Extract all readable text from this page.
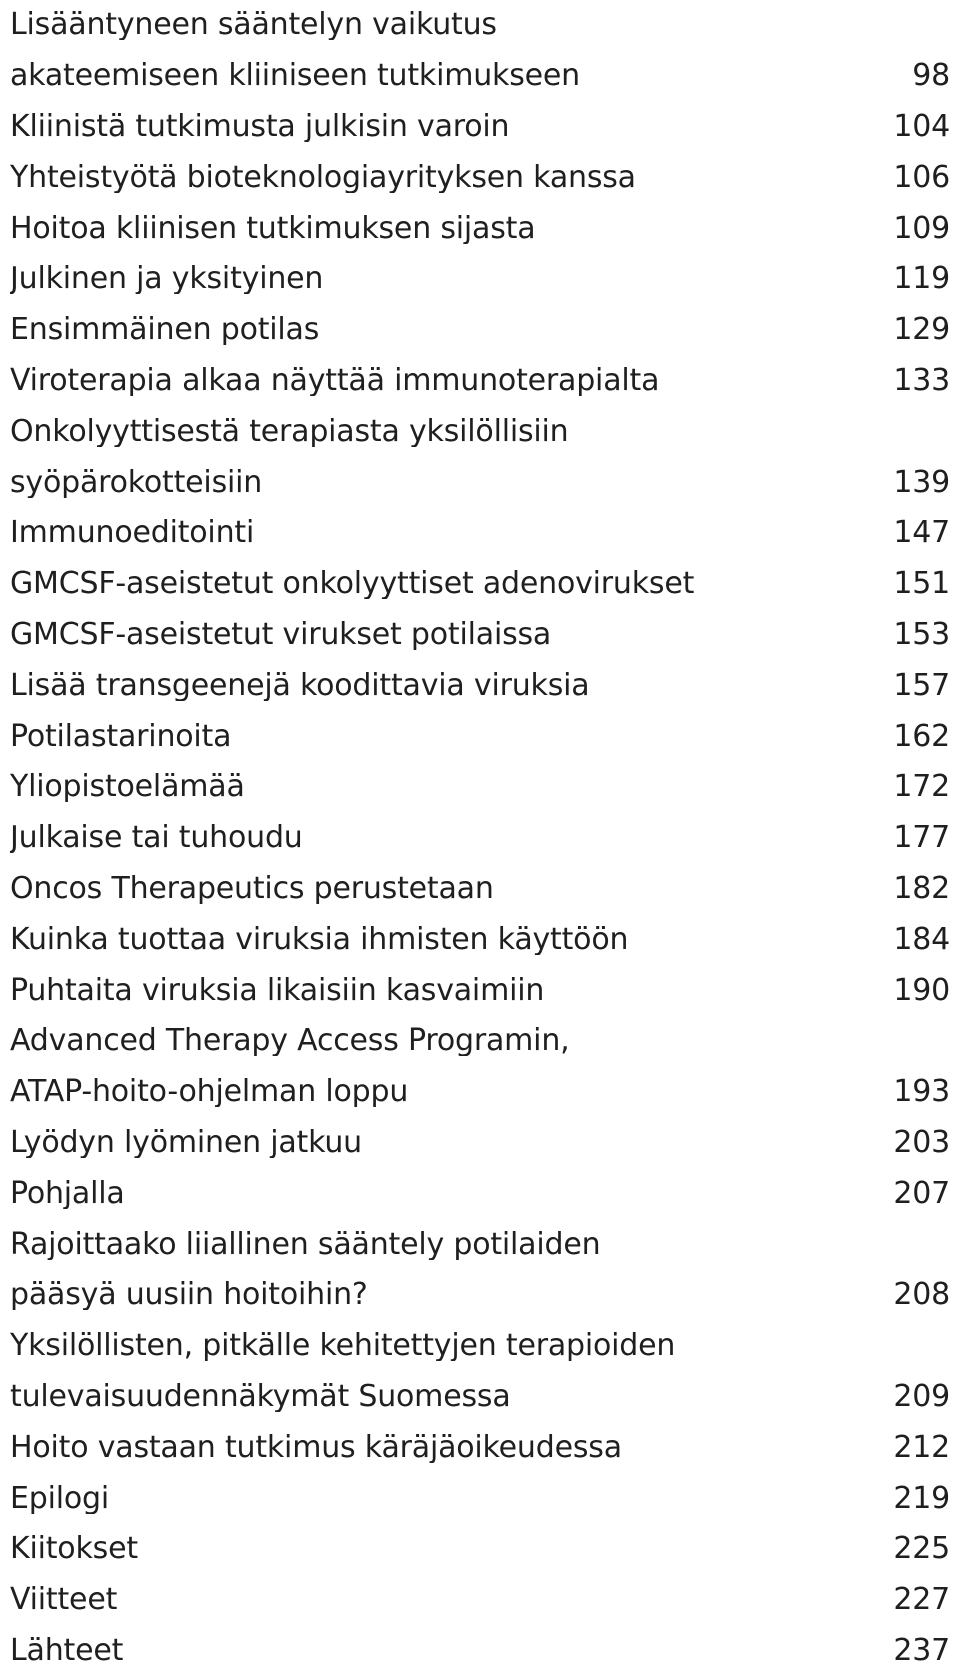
Lisääntyneen sääntelyn vaikutus
akateemiseen kliiniseen tutkimukseen	98
Kliinistä tutkimusta julkisin varoin	104
Yhteistyötä bioteknologiayrityksen kanssa	106
Hoitoa kliinisen tutkimuksen sijasta	109
Julkinen ja yksityinen	119
Ensimmäinen potilas	129
Viroterapia alkaa näyttää immunoterapialta	133
Onkolyyttisestä terapiasta yksilöllisiin
syöpärokotteisiin	139
Immunoeditointi	147
GMCSF-aseistetut onkolyyttiset adenovirukset	151
GMCSF-aseistetut virukset potilaissa	153
Lisää transgeenejä koodittavia viruksia	157
Potilastarinoita	162
Yliopistoelämää	172
Julkaise tai tuhoudu	177
Oncos Therapeutics perustetaan	182
Kuinka tuottaa viruksia ihmisten käyttöön	184
Puhtaita viruksia likaisiin kasvaimiin	190
Advanced Therapy Access Programin,
ATAP-hoito-ohjelman loppu	193
Lyödyn lyöminen jatkuu	203
Pohjalla	207
Rajoittaako liiallinen sääntely potilaiden
pääsyä uusiin hoitoihin?	208
Yksilöllisten, pitkälle kehitettyjen terapioiden
tulevaisuudennäkymät Suomessa	209
Hoito vastaan tutkimus käräjäoikeudessa	212
Epilogi	219
Kiitokset	225
Viitteet	227
Lähteet	237
